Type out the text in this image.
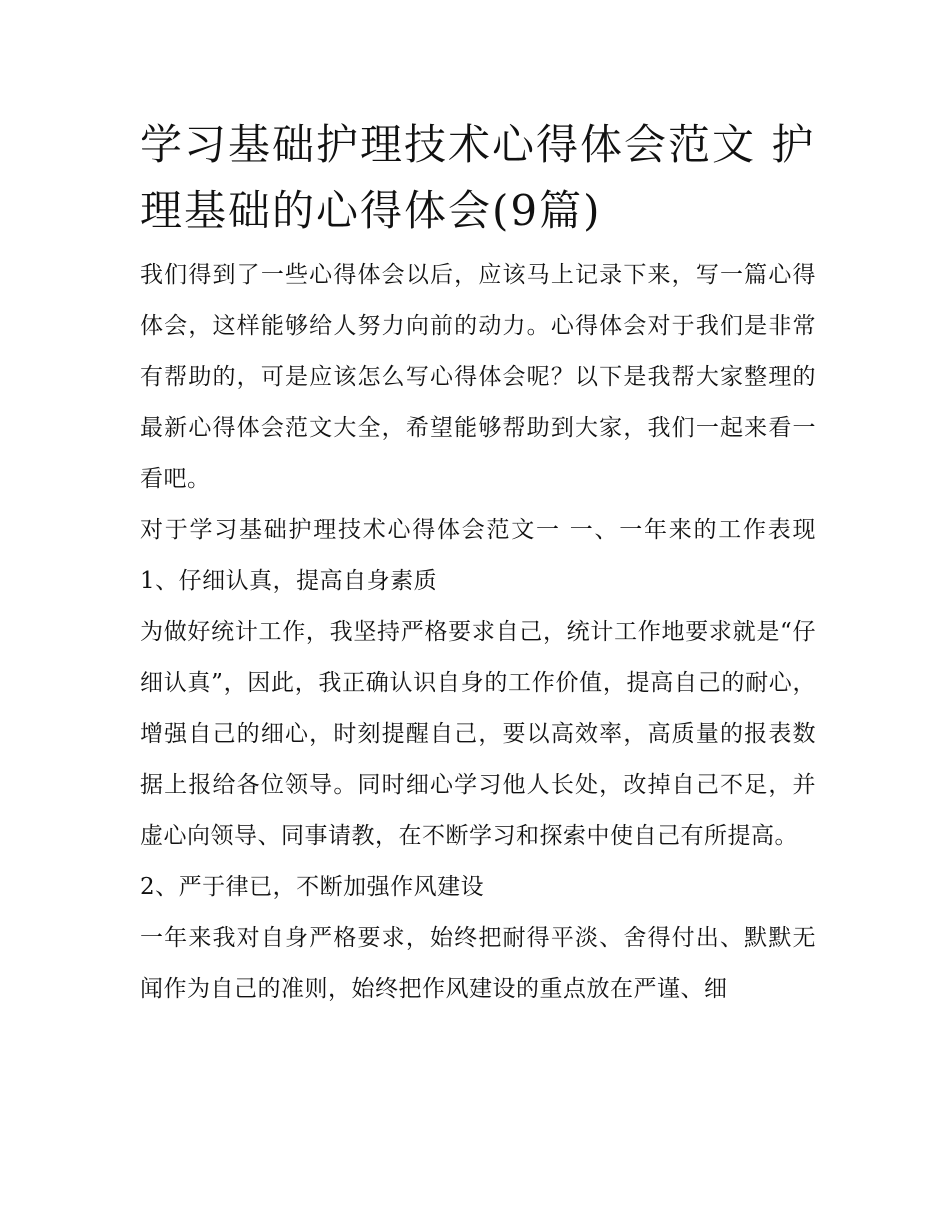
学习基础护理技术心得体会范文 护理基础的心得体会(9篇)

我们得到了一些心得体会以后，应该马上记录下来，写一篇心得体会，这样能够给人努力向前的动力。心得体会对于我们是非常有帮助的，可是应该怎么写心得体会呢？以下是我帮大家整理的最新心得体会范文大全，希望能够帮助到大家，我们一起来看一看吧。

对于学习基础护理技术心得体会范文一 一、一年来的工作表现 1、仔细认真，提高自身素质

为做好统计工作，我坚持严格要求自己，统计工作地要求就是“仔细认真”，因此，我正确认识自身的工作价值，提高自己的耐心，增强自己的细心，时刻提醒自己，要以高效率，高质量的报表数据上报给各位领导。同时细心学习他人长处，改掉自己不足，并虚心向领导、同事请教，在不断学习和探索中使自己有所提高。

2、严于律已，不断加强作风建设

一年来我对自身严格要求，始终把耐得平淡、舍得付出、默默无闻作为自己的准则，始终把作风建设的重点放在严谨、细
